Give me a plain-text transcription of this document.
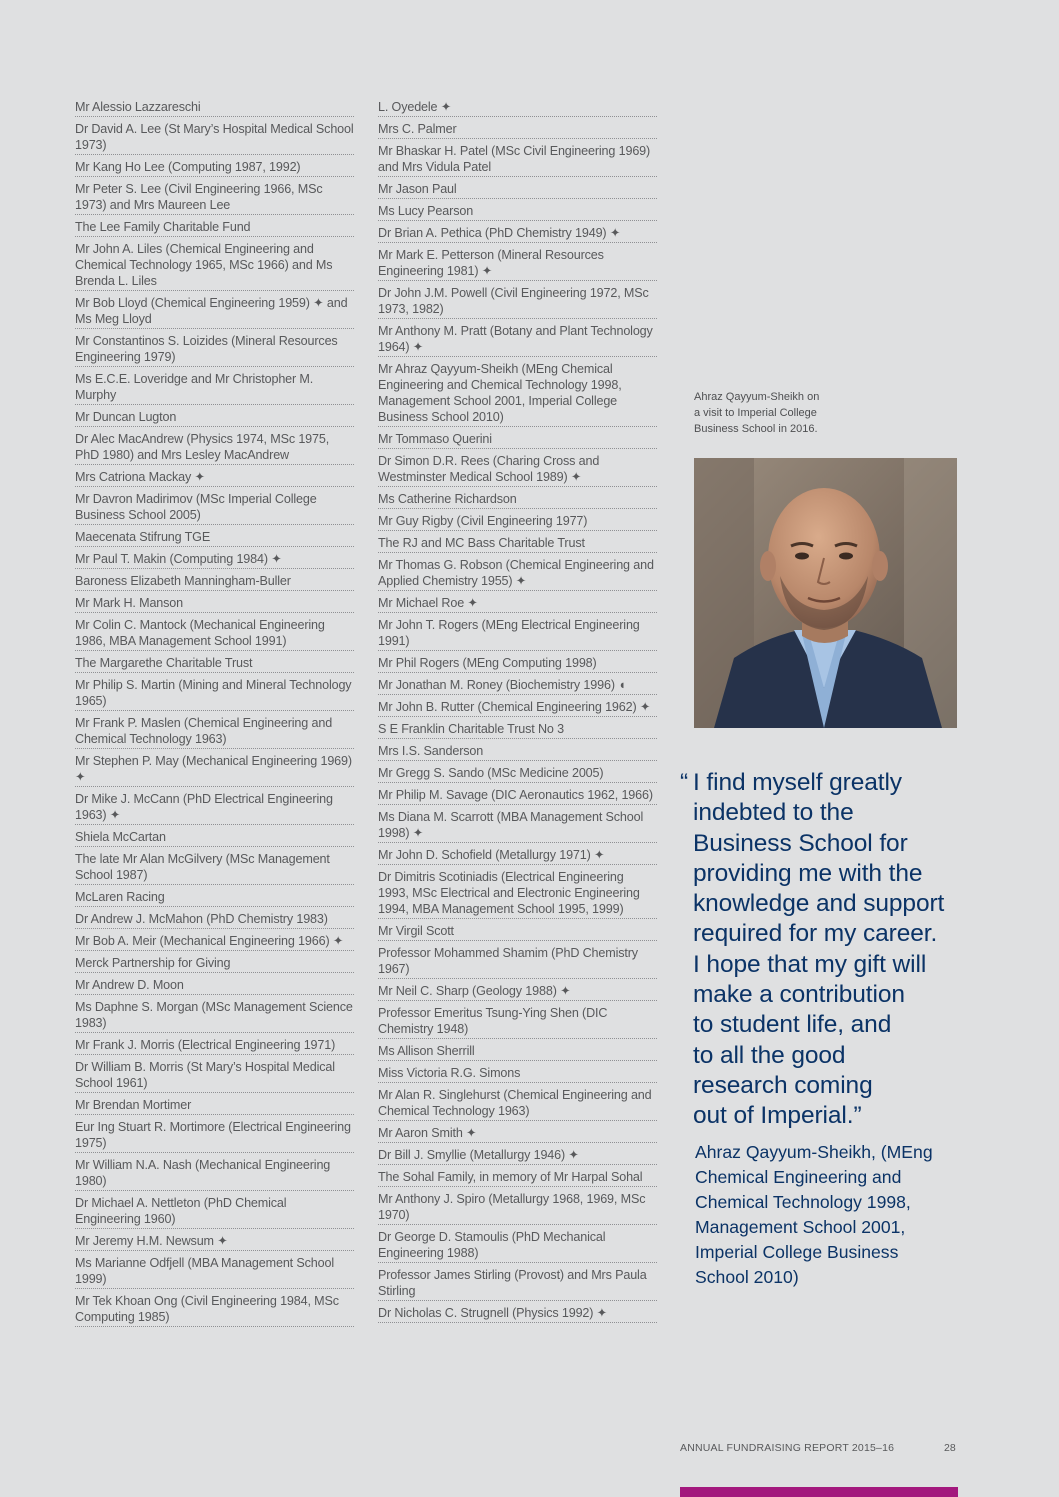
Mr Alessio Lazzareschi
Dr David A. Lee (St Mary’s Hospital Medical School 1973)
Mr Kang Ho Lee (Computing 1987, 1992)
Mr Peter S. Lee (Civil Engineering 1966, MSc 1973) and Mrs Maureen Lee
The Lee Family Charitable Fund
Mr John A. Liles (Chemical Engineering and Chemical Technology 1965, MSc 1966) and Ms Brenda L. Liles
Mr Bob Lloyd (Chemical Engineering 1959) ✦ and Ms Meg Lloyd
Mr Constantinos S. Loizides (Mineral Resources Engineering 1979)
Ms E.C.E. Loveridge and Mr Christopher M. Murphy
Mr Duncan Lugton
Dr Alec MacAndrew (Physics 1974, MSc 1975, PhD 1980) and Mrs Lesley MacAndrew
Mrs Catriona Mackay ✦
Mr Davron Madirimov (MSc Imperial College Business School 2005)
Maecenata Stifrung TGE
Mr Paul T. Makin (Computing 1984) ✦
Baroness Elizabeth Manningham-Buller
Mr Mark H. Manson
Mr Colin C. Mantock (Mechanical Engineering 1986, MBA Management School 1991)
The Margarethe Charitable Trust
Mr Philip S. Martin (Mining and Mineral Technology 1965)
Mr Frank P. Maslen (Chemical Engineering and Chemical Technology 1963)
Mr Stephen P. May (Mechanical Engineering 1969) ✦
Dr Mike J. McCann (PhD Electrical Engineering 1963) ✦
Shiela McCartan
The late Mr Alan McGilvery (MSc Management School 1987)
McLaren Racing
Dr Andrew J. McMahon (PhD Chemistry 1983)
Mr Bob A. Meir (Mechanical Engineering 1966) ✦
Merck Partnership for Giving
Mr Andrew D. Moon
Ms Daphne S. Morgan (MSc Management Science 1983)
Mr Frank J. Morris (Electrical Engineering 1971)
Dr William B. Morris (St Mary’s Hospital Medical School 1961)
Mr Brendan Mortimer
Eur Ing Stuart R. Mortimore (Electrical Engineering 1975)
Mr William N.A. Nash (Mechanical Engineering 1980)
Dr Michael A. Nettleton (PhD Chemical Engineering 1960)
Mr Jeremy H.M. Newsum ✦
Ms Marianne Odfjell (MBA Management School 1999)
Mr Tek Khoan Ong (Civil Engineering 1984, MSc Computing 1985)
L. Oyedele ✦
Mrs C. Palmer
Mr Bhaskar H. Patel (MSc Civil Engineering 1969) and Mrs Vidula Patel
Mr Jason Paul
Ms Lucy Pearson
Dr Brian A. Pethica (PhD Chemistry 1949) ✦
Mr Mark E. Petterson (Mineral Resources Engineering 1981) ✦
Dr John J.M. Powell (Civil Engineering 1972, MSc 1973, 1982)
Mr Anthony M. Pratt (Botany and Plant Technology 1964) ✦
Mr Ahraz Qayyum-Sheikh (MEng Chemical Engineering and Chemical Technology 1998, Management School 2001, Imperial College Business School 2010)
Mr Tommaso Querini
Dr Simon D.R. Rees (Charing Cross and Westminster Medical School 1989) ✦
Ms Catherine Richardson
Mr Guy Rigby (Civil Engineering 1977)
The RJ and MC Bass Charitable Trust
Mr Thomas G. Robson (Chemical Engineering and Applied Chemistry 1955) ✦
Mr Michael Roe ✦
Mr John T. Rogers (MEng Electrical Engineering 1991)
Mr Phil Rogers (MEng Computing 1998)
Mr Jonathan M. Roney (Biochemistry 1996) ◖
Mr John B. Rutter (Chemical Engineering 1962) ✦
S E Franklin Charitable Trust No 3
Mrs I.S. Sanderson
Mr Gregg S. Sando (MSc Medicine 2005)
Mr Philip M. Savage (DIC Aeronautics 1962, 1966)
Ms Diana M. Scarrott (MBA Management School 1998) ✦
Mr John D. Schofield (Metallurgy 1971) ✦
Dr Dimitris Scotiniadis (Electrical Engineering 1993, MSc Electrical and Electronic Engineering 1994, MBA Management School 1995, 1999)
Mr Virgil Scott
Professor Mohammed Shamim (PhD Chemistry 1967)
Mr Neil C. Sharp (Geology 1988) ✦
Professor Emeritus Tsung-Ying Shen (DIC Chemistry 1948)
Ms Allison Sherrill
Miss Victoria R.G. Simons
Mr Alan R. Singlehurst (Chemical Engineering and Chemical Technology 1963)
Mr Aaron Smith ✦
Dr Bill J. Smyllie (Metallurgy 1946) ✦
The Sohal Family, in memory of Mr Harpal Sohal
Mr Anthony J. Spiro (Metallurgy 1968, 1969, MSc 1970)
Dr George D. Stamoulis (PhD Mechanical Engineering 1988)
Professor James Stirling (Provost) and Mrs Paula Stirling
Dr Nicholas C. Strugnell (Physics 1992) ✦
Ahraz Qayyum-Sheikh on
a visit to Imperial College
Business School in 2016.
“ I find myself greatly
indebted to the
Business School for
providing me with the
knowledge and support
required for my career.
I hope that my gift will
make a contribution
to student life, and
to all the good
research coming
out of Imperial.”
Ahraz Qayyum-Sheikh, (MEng
Chemical Engineering and
Chemical Technology 1998,
Management School 2001,
Imperial College Business
School 2010)
ANNUAL FUNDRAISING REPORT 2015–16	28
